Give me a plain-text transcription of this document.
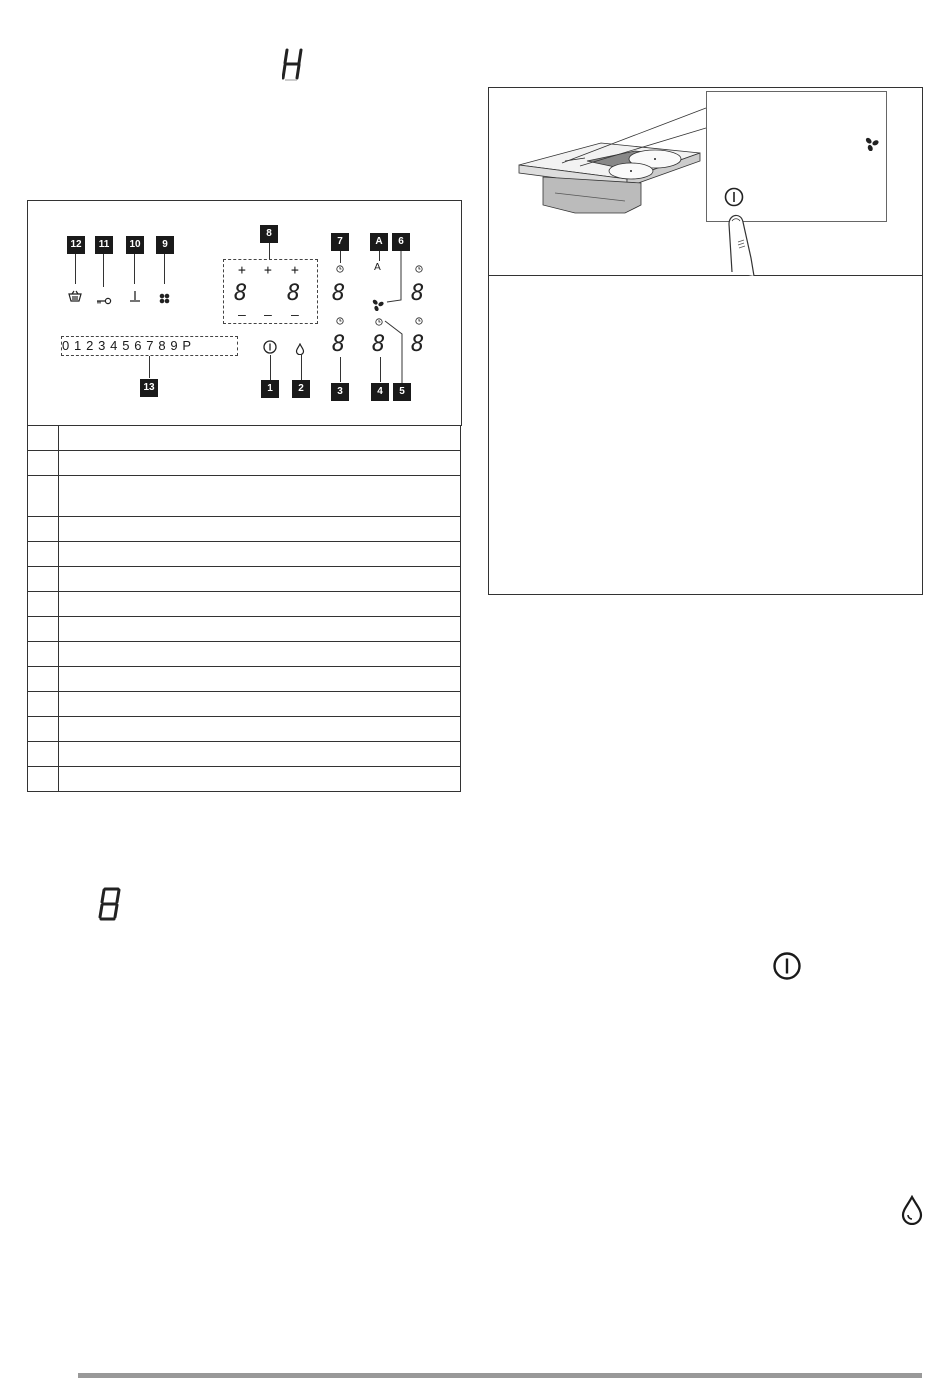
12	11	10	9
0 1 2 3 4 5 6 7 8 9 P
13
8
+ + +
8 8
– – –
1	2
7
8
8
3
A	6
A
8
4	5
8
8
